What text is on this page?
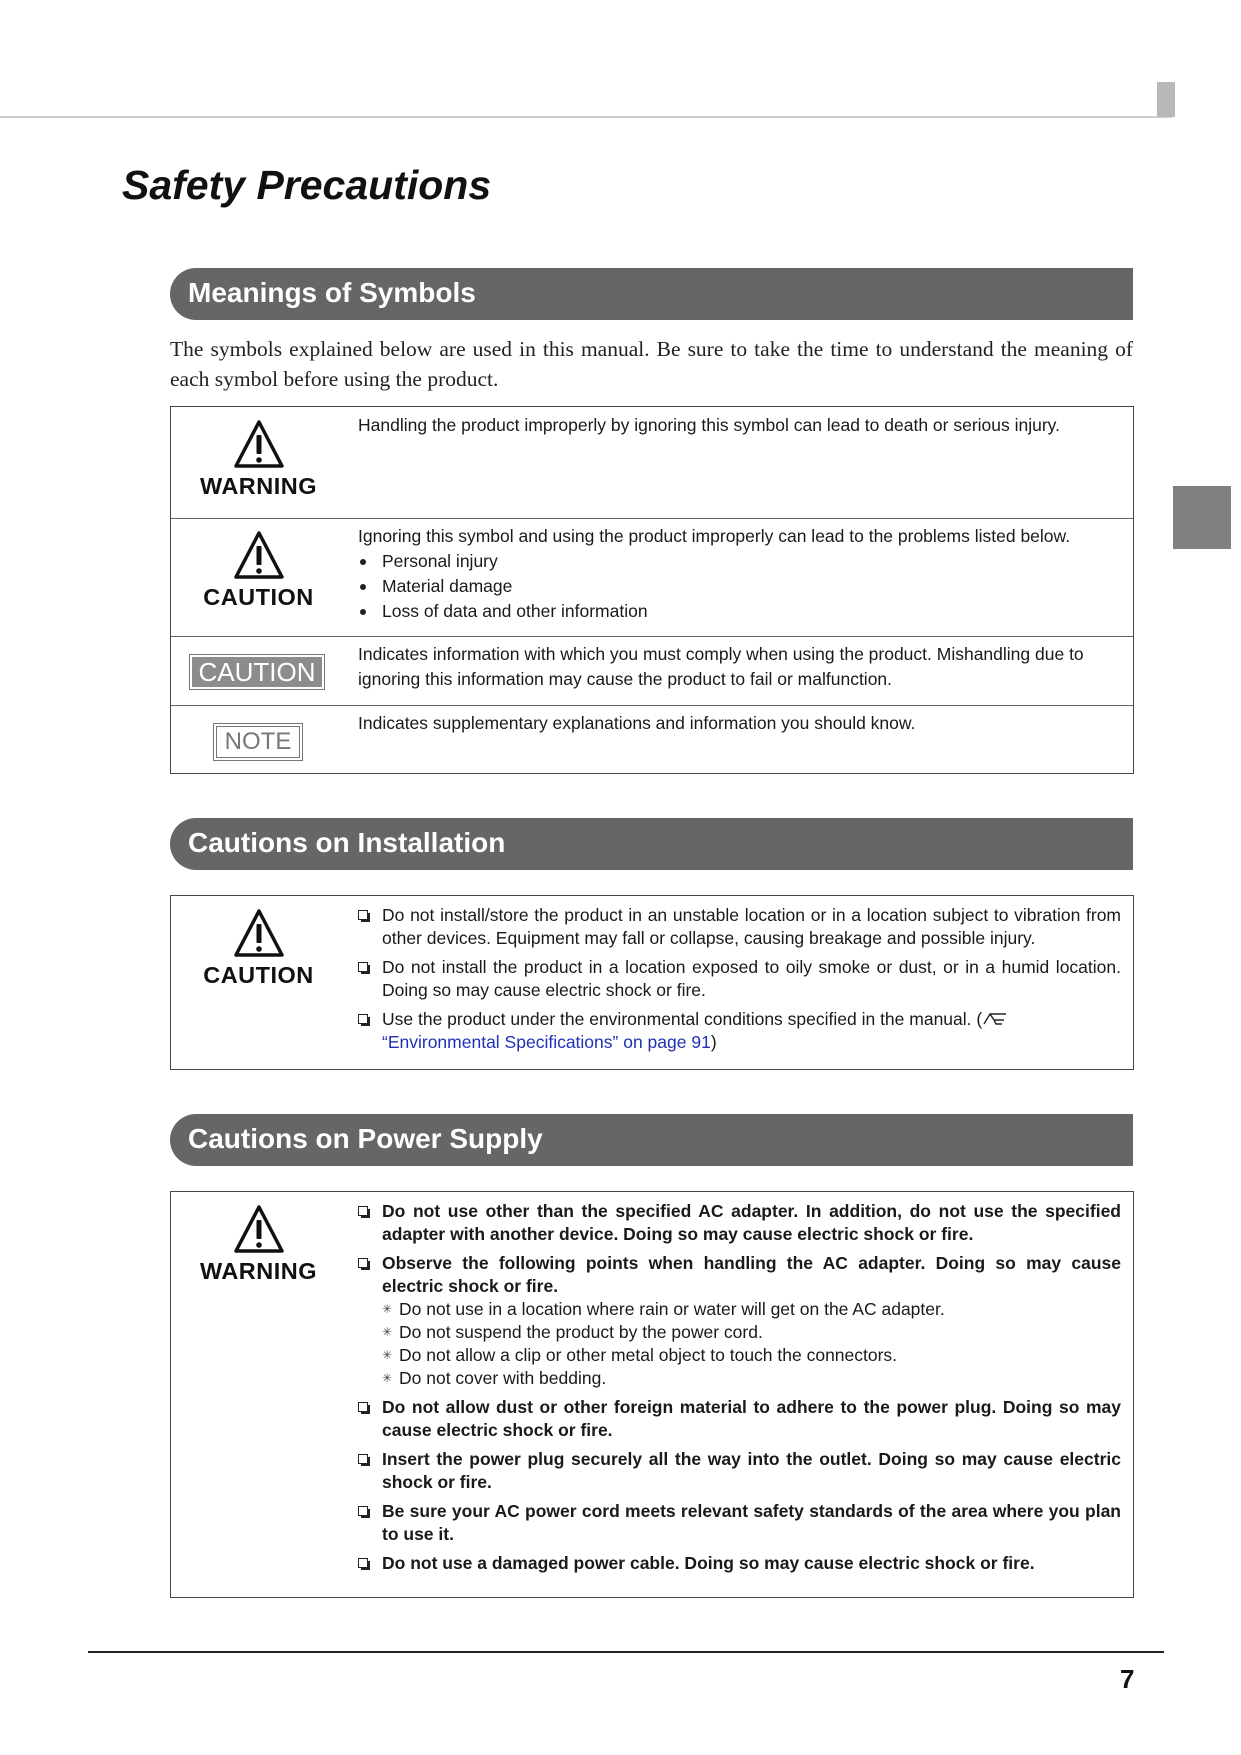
Safety Precautions
Meanings of Symbols

The symbols explained below are used in this manual. Be sure to take the time to understand the meaning of each symbol before using the product.

WARNING
Handling the product improperly by ignoring this symbol can lead to death or serious injury.
CAUTION
Ignoring this symbol and using the product improperly can lead to the problems listed below.
Personal injury
Material damage
Loss of data and other information
CAUTION
Indicates information with which you must comply when using the product. Mishandling due to ignoring this information may cause the product to fail or malfunction.
NOTE
Indicates supplementary explanations and information you should know.
Cautions on Installation
CAUTION
Do not install/store the product in an unstable location or in a location subject to vibration from other devices. Equipment may fall or collapse, causing breakage and possible injury.
Do not install the product in a location exposed to oily smoke or dust, or in a humid location. Doing so may cause electric shock or fire.
Use the product under the environmental conditions specified in the manual. (“Environmental Specifications” on page 91)
Cautions on Power Supply
WARNING
Do not use other than the specified AC adapter. In addition, do not use the specified adapter with another device. Doing so may cause electric shock or fire.
Observe the following points when handling the AC adapter. Doing so may cause electric shock or fire.
✳ Do not use in a location where rain or water will get on the AC adapter.
✳ Do not suspend the product by the power cord.
✳ Do not allow a clip or other metal object to touch the connectors.
✳ Do not cover with bedding.
Do not allow dust or other foreign material to adhere to the power plug. Doing so may cause electric shock or fire.
Insert the power plug securely all the way into the outlet. Doing so may cause electric shock or fire.
Be sure your AC power cord meets relevant safety standards of the area where you plan to use it.
Do not use a damaged power cable. Doing so may cause electric shock or fire.
7
